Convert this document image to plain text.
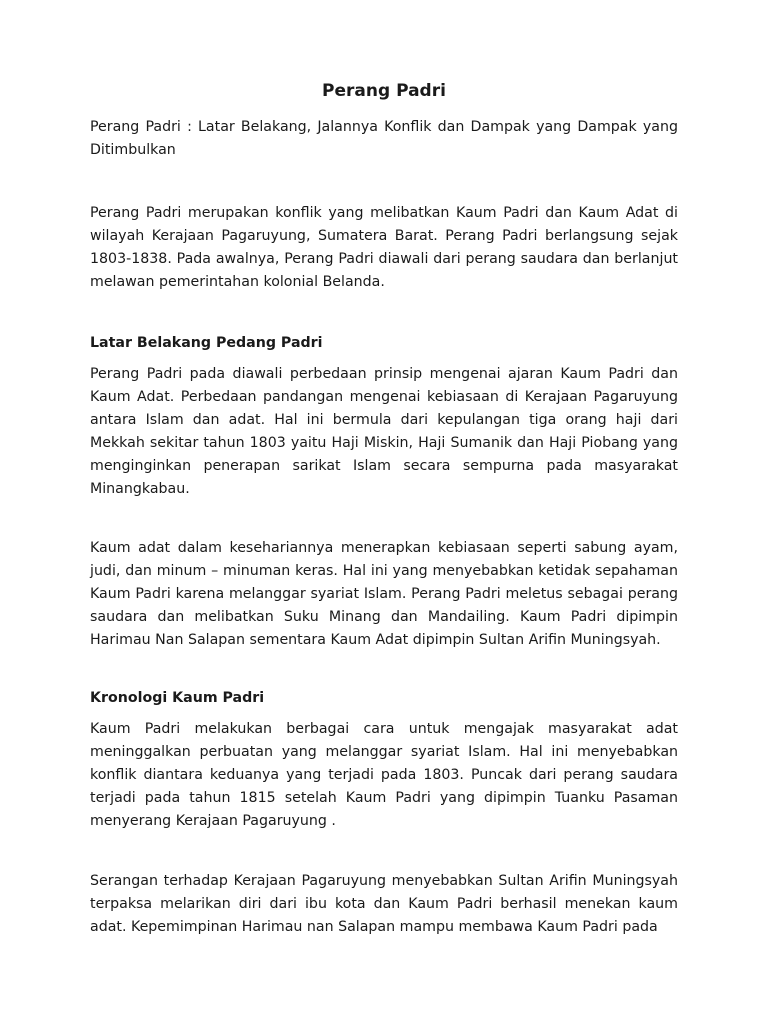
Perang Padri

Perang Padri : Latar Belakang, Jalannya Konflik dan Dampak yang Dampak yang Ditimbulkan

Perang Padri merupakan konflik yang melibatkan Kaum Padri dan Kaum Adat di wilayah Kerajaan Pagaruyung, Sumatera Barat. Perang Padri berlangsung sejak 1803-1838. Pada awalnya, Perang Padri diawali dari perang saudara dan berlanjut melawan pemerintahan kolonial Belanda.

Latar Belakang Pedang Padri

Perang Padri pada diawali perbedaan prinsip mengenai ajaran Kaum Padri dan Kaum Adat. Perbedaan pandangan mengenai kebiasaan di Kerajaan Pagaruyung antara Islam dan adat. Hal ini bermula dari kepulangan tiga orang haji dari Mekkah sekitar tahun 1803 yaitu Haji Miskin, Haji Sumanik dan Haji Piobang yang menginginkan penerapan sarikat Islam secara sempurna pada masyarakat Minangkabau.

Kaum adat dalam kesehariannya menerapkan kebiasaan seperti sabung ayam, judi, dan minum – minuman keras. Hal ini yang menyebabkan ketidak sepahaman Kaum Padri karena melanggar syariat Islam. Perang Padri meletus sebagai perang saudara dan melibatkan Suku Minang dan Mandailing. Kaum Padri dipimpin Harimau Nan Salapan sementara Kaum Adat dipimpin Sultan Arifin Muningsyah.

Kronologi Kaum Padri

Kaum Padri melakukan berbagai cara untuk mengajak masyarakat adat meninggalkan perbuatan yang melanggar syariat Islam. Hal ini menyebabkan konflik diantara keduanya yang terjadi pada 1803. Puncak dari perang saudara terjadi pada tahun 1815 setelah Kaum Padri yang dipimpin Tuanku Pasaman menyerang Kerajaan Pagaruyung .

Serangan terhadap Kerajaan Pagaruyung menyebabkan Sultan Arifin Muningsyah terpaksa melarikan diri dari ibu kota dan Kaum Padri berhasil menekan kaum adat. Kepemimpinan Harimau nan Salapan mampu membawa Kaum Padri pada
